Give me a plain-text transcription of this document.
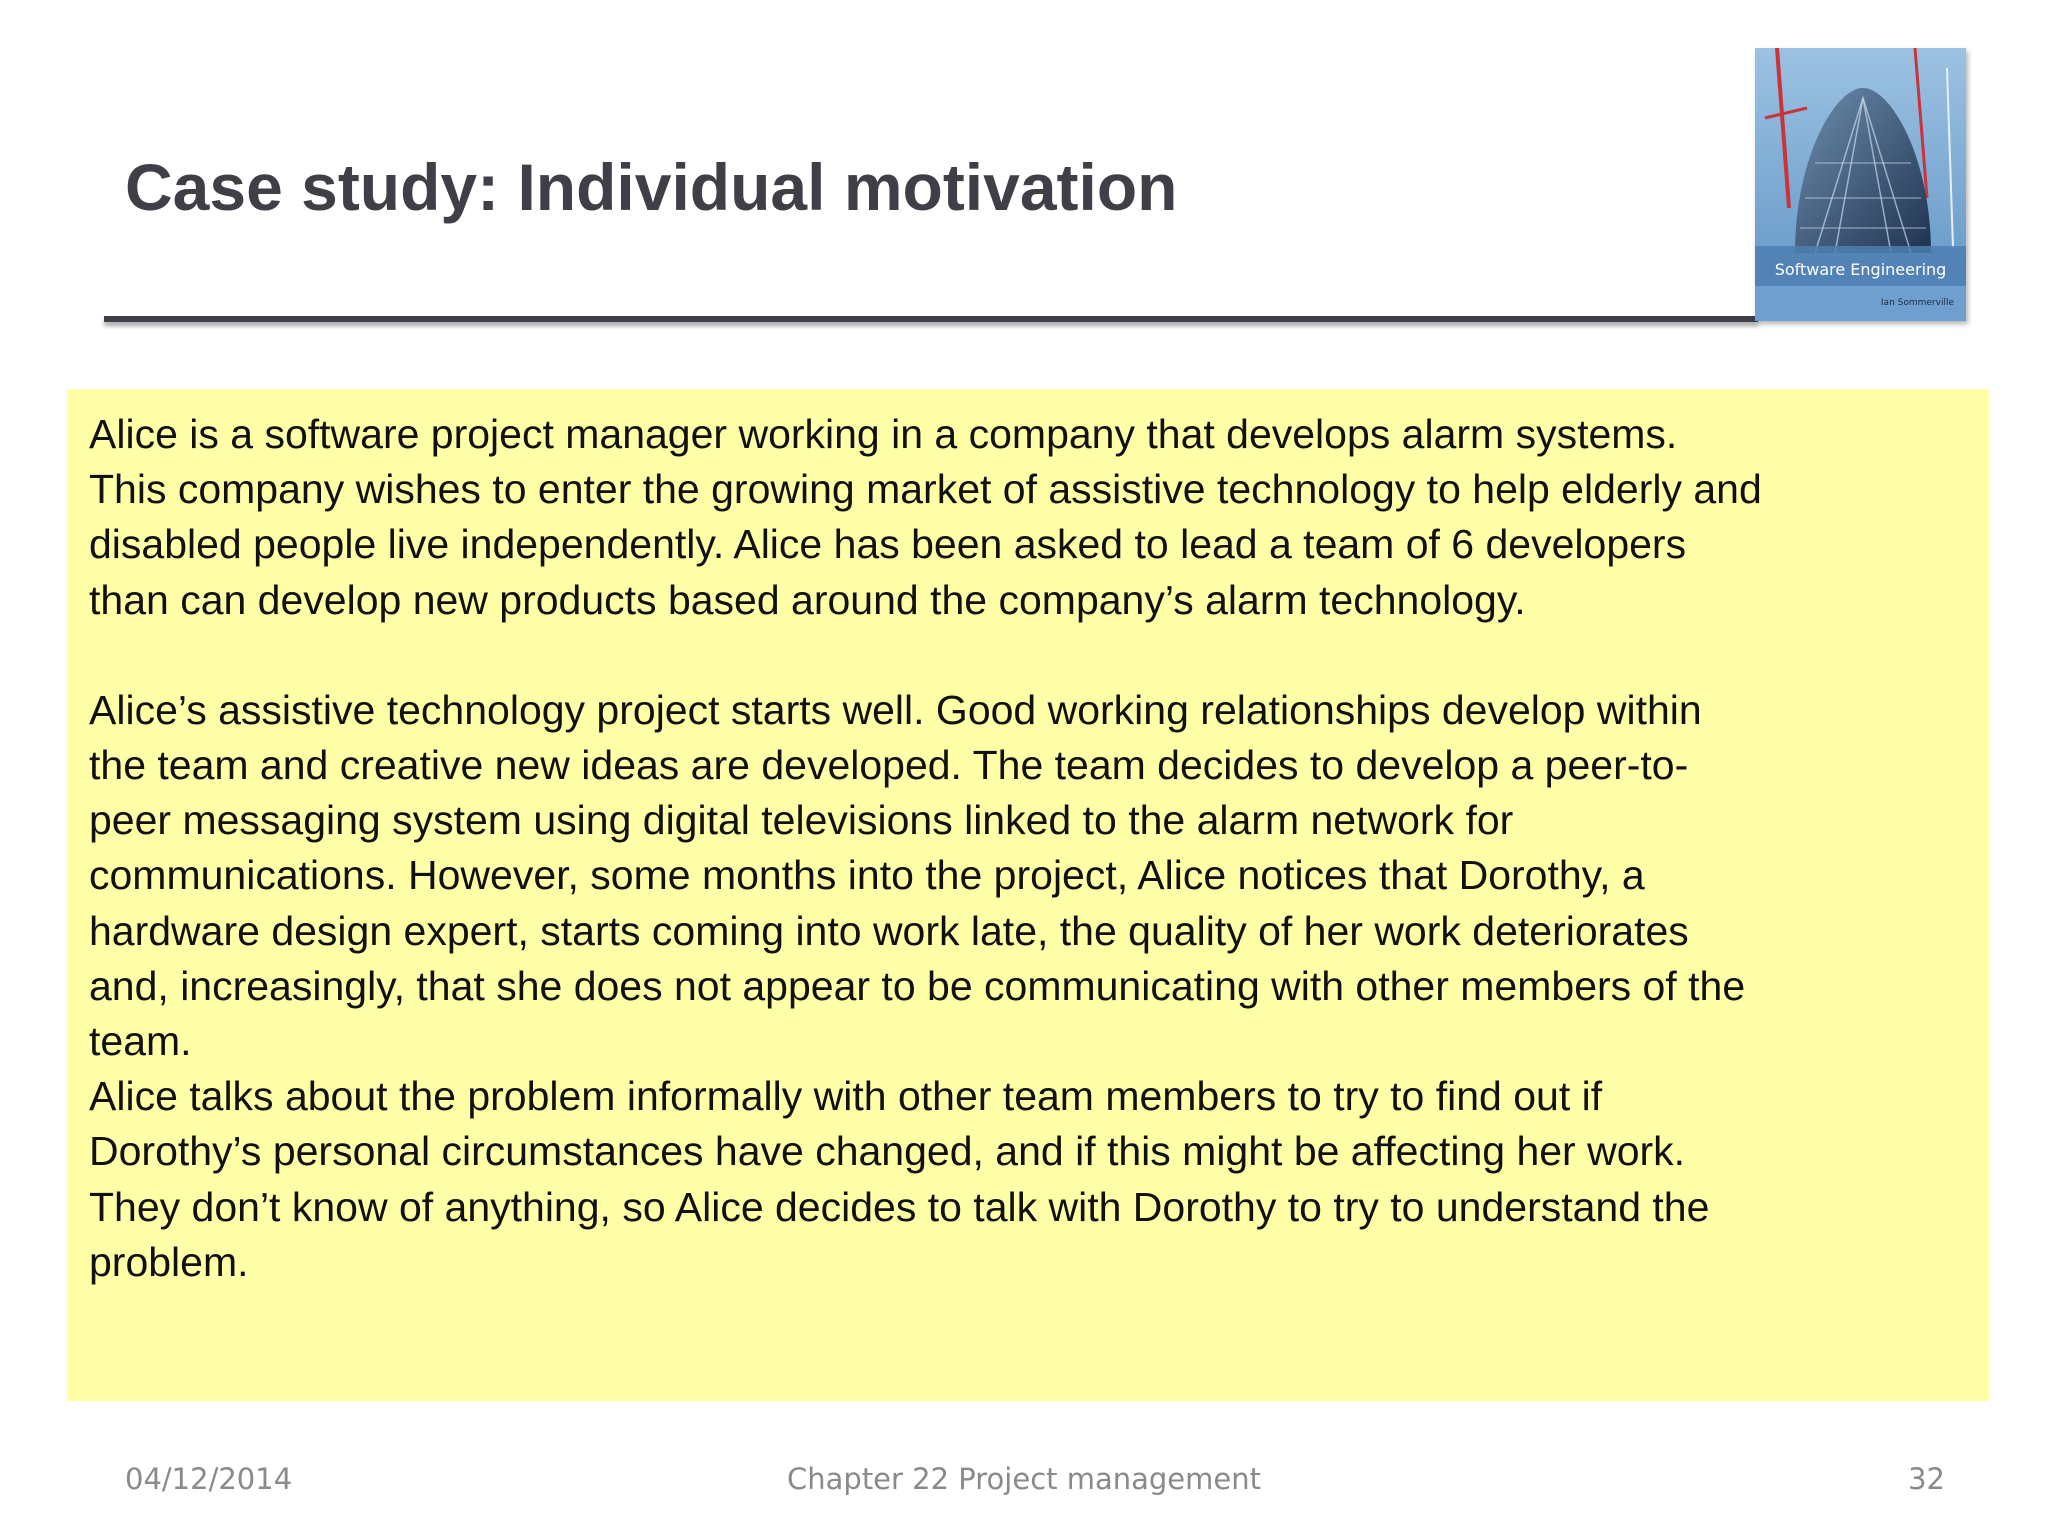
Case study: Individual motivation
Software Engineering
Ian Sommerville

Alice is a software project manager working in a company that develops alarm systems.
This company wishes to enter the growing market of assistive technology to help elderly and
disabled people live independently. Alice has been asked to lead a team of 6 developers
than can develop new products based around the company’s alarm technology.

Alice’s assistive technology project starts well. Good working relationships develop within
the team and creative new ideas are developed. The team decides to develop a peer-to-
peer messaging system using digital televisions linked to the alarm network for
communications. However, some months into the project, Alice notices that Dorothy, a
hardware design expert, starts coming into work late, the quality of her work deteriorates
and, increasingly, that she does not appear to be communicating with other members of the
team.

Alice talks about the problem informally with other team members to try to find out if
Dorothy’s personal circumstances have changed, and if this might be affecting her work.
They don’t know of anything, so Alice decides to talk with Dorothy to try to understand the
problem.

04/12/2014	Chapter 22 Project management	32
